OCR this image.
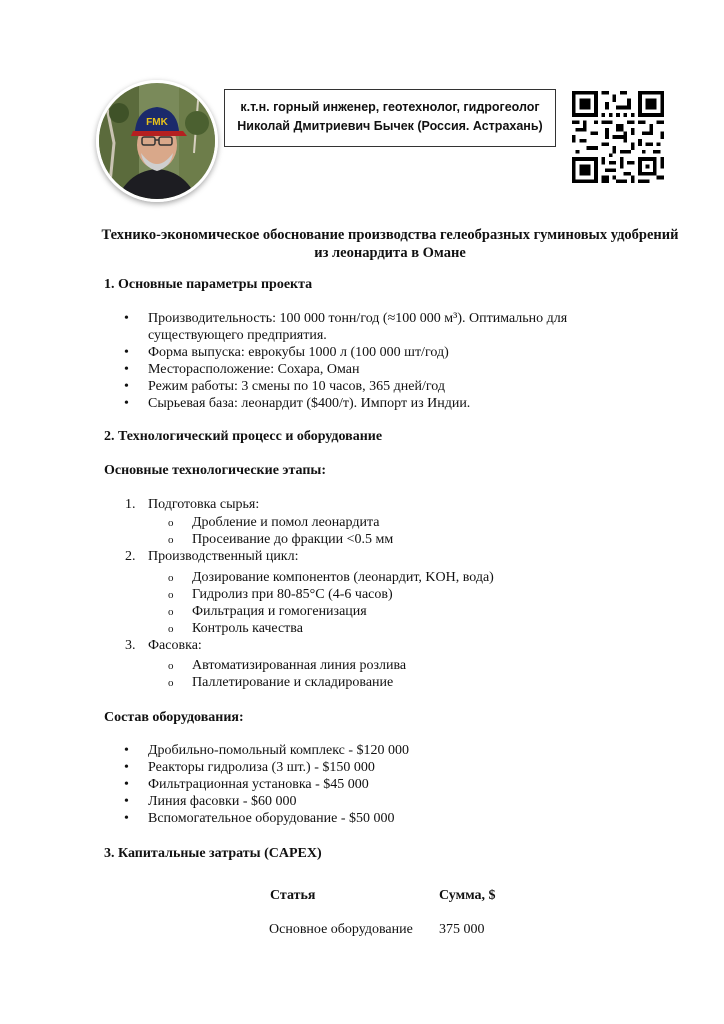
FMK
к.т.н. горный инженер, геотехнолог, гидрогеолог
Николай Дмитриевич Бычек (Россия. Астрахань)
Технико-экономическое обоснование производства гелеобразных гуминовых удобрений из леонардита в Омане
1. Основные параметры проекта
• Производительность: 100 000 тонн/год (≈100 000 м³). Оптимально для
существующего предприятия.
• Форма выпуска: еврокубы 1000 л (100 000 шт/год)
• Месторасположение: Сохара, Оман
• Режим работы: 3 смены по 10 часов, 365 дней/год
• Сырьевая база: леонардит ($400/т). Импорт из Индии.
2. Технологический процесс и оборудование
Основные технологические этапы:
1. Подготовка сырья:
o Дробление и помол леонардита
o Просеивание до фракции <0.5 мм
2. Производственный цикл:
o Дозирование компонентов (леонардит, KOH, вода)
o Гидролиз при 80-85°C (4-6 часов)
o Фильтрация и гомогенизация
o Контроль качества
3. Фасовка:
o Автоматизированная линия розлива
o Паллетирование и складирование
Состав оборудования:
• Дробильно-помольный комплекс - $120 000
• Реакторы гидролиза (3 шт.) - $150 000
• Фильтрационная установка - $45 000
• Линия фасовки - $60 000
• Вспомогательное оборудование - $50 000
3. Капитальные затраты (CAPEX)
Статья	Сумма, $
Основное оборудование 375 000
